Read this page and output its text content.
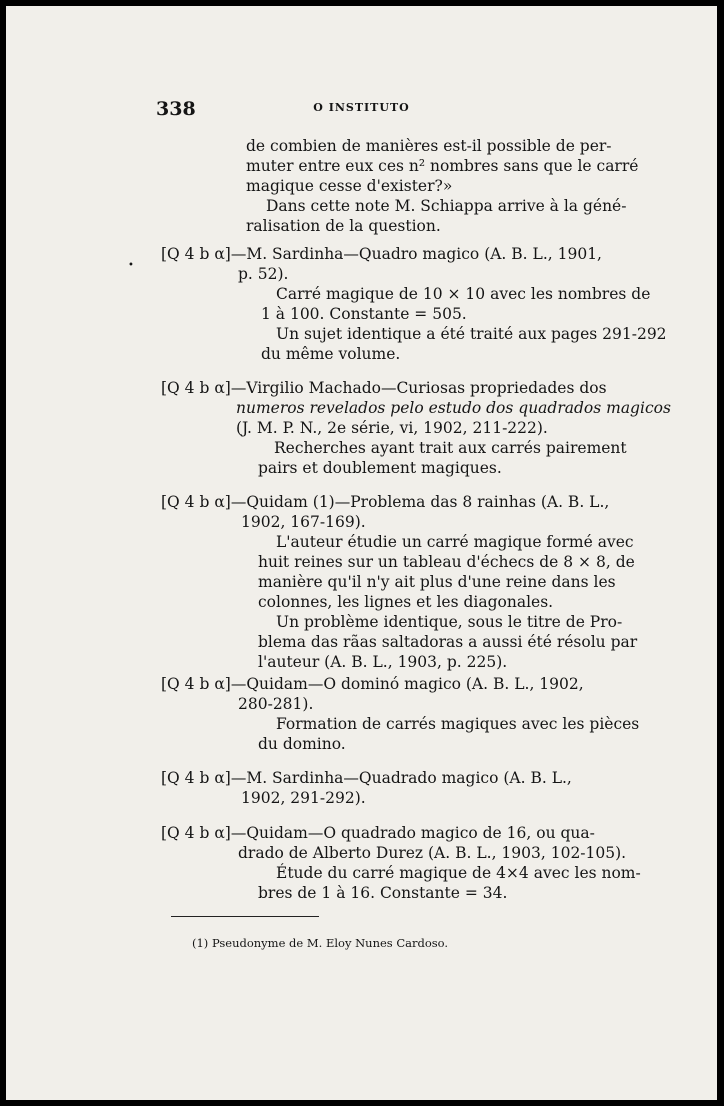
338	O INSTITUTO
de combien de manières est-il possible de per-
muter entre eux ces n² nombres sans que le carré
magique cesse d'exister?»
Dans cette note M. Schiappa arrive à la géné-
ralisation de la question.
•
[Q 4 b α]—M. Sardinha—Quadro magico (A. B. L., 1901,
p. 52).
Carré magique de 10 × 10 avec les nombres de
1 à 100. Constante = 505.
Un sujet identique a été traité aux pages 291-292
du même volume.
[Q 4 b α]—Virgilio Machado—Curiosas propriedades dos
numeros revelados pelo estudo dos quadrados magicos
(J. M. P. N., 2e série, vi, 1902, 211-222).
Recherches ayant trait aux carrés pairement
pairs et doublement magiques.
[Q 4 b α]—Quidam (1)—Problema das 8 rainhas (A. B. L.,
1902, 167-169).
L'auteur étudie un carré magique formé avec
huit reines sur un tableau d'échecs de 8 × 8, de
manière qu'il n'y ait plus d'une reine dans les
colonnes, les lignes et les diagonales.
Un problème identique, sous le titre de Pro-
blema das rãas saltadoras a aussi été résolu par
l'auteur (A. B. L., 1903, p. 225).
[Q 4 b α]—Quidam—O dominó magico (A. B. L., 1902,
280-281).
Formation de carrés magiques avec les pièces
du domino.
[Q 4 b α]—M. Sardinha—Quadrado magico (A. B. L.,
1902, 291-292).
[Q 4 b α]—Quidam—O quadrado magico de 16, ou qua-
drado de Alberto Durez (A. B. L., 1903, 102-105).
Étude du carré magique de 4×4 avec les nom-
bres de 1 à 16. Constante = 34.
(1) Pseudonyme de M. Eloy Nunes Cardoso.
